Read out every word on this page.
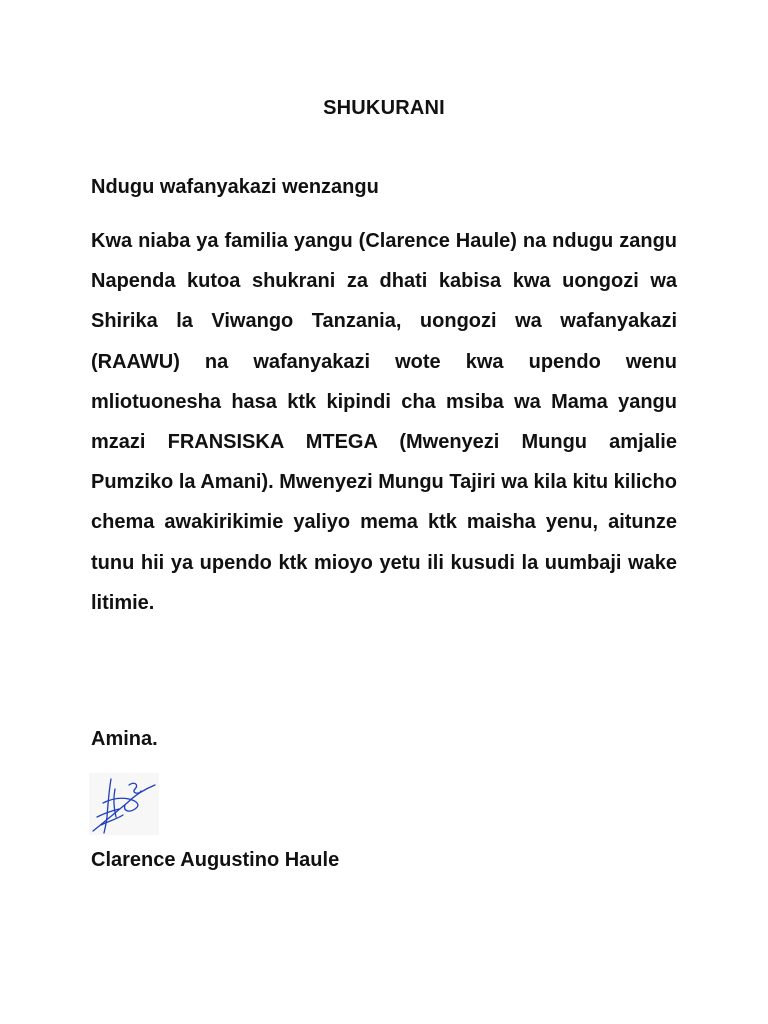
SHUKURANI
Ndugu wafanyakazi wenzangu

Kwa niaba ya familia yangu (Clarence Haule) na ndugu zangu Napenda kutoa shukrani za dhati kabisa kwa uongozi wa Shirika la Viwango Tanzania, uongozi wa wafanyakazi (RAAWU) na wafanyakazi wote kwa upendo wenu mliotuonesha hasa ktk kipindi cha msiba wa Mama yangu mzazi FRANSISKA MTEGA (Mwenyezi Mungu amjalie Pumziko la Amani). Mwenyezi Mungu Tajiri wa kila kitu kilicho chema awakirikimie yaliyo mema ktk maisha yenu, aitunze tunu hii ya upendo ktk mioyo yetu ili kusudi la uumbaji wake litimie.

Amina.
Clarence Augustino Haule
